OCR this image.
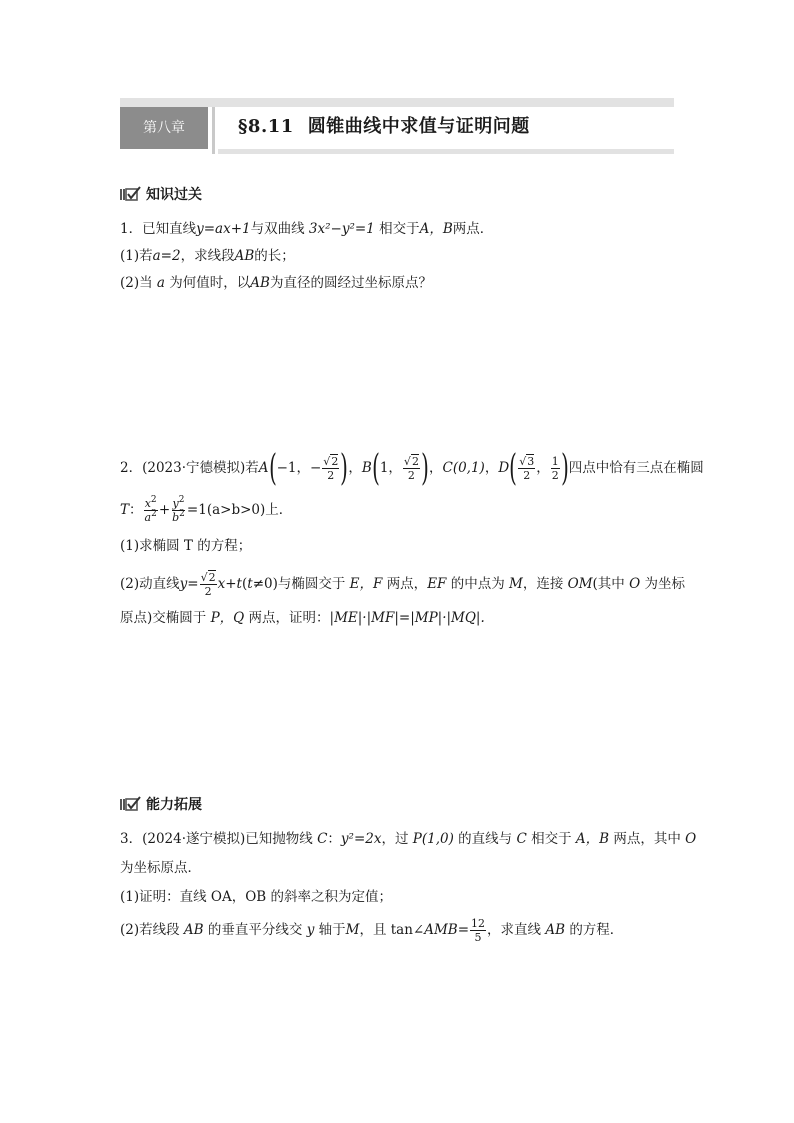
第八章	§8.11 圆锥曲线中求值与证明问题
知识过关
1．已知直线y=ax+1与双曲线 3x²−y²=1 相交于A，B两点．
(1)若a=2，求线段AB的长；
(2)当 a 为何值时，以AB为直径的圆经过坐标原点？
2．(2023·宁德模拟)若A(−1，− $\frac{√2}{2}$ )，B(1， $\frac{√2}{2}$ )，C(0,1)，$D( \frac{√3}{2}$ ， $\frac{1}{2}$ )四点中恰有三点在椭圆
T： $\frac{x^2}{a^2} + \frac{y^2}{b^2} =1(a>b>0)$上．
(1)求椭圆 T 的方程；
(2)动直线$y= \frac{√2}{2} x+t(t\ne 0)$与椭圆交于 E，F 两点，EF 的中点为 M，连接 OM(其中 O 为坐标
原点)交椭圆于 P，Q 两点，证明：|ME|·|MF|=|MP|·|MQ|.
能力拓展
3．(2024·遂宁模拟)已知抛物线 C：y²=2x，过 P(1,0) 的直线与 C 相交于 A，B 两点，其中 O
为坐标原点．
(1)证明：直线 OA，OB 的斜率之积为定值；
(2)若线段 AB 的垂直平分线交 y 轴于M，且 tan∠AMB= $\frac{12}{5}$ ，求直线 AB 的方程．
